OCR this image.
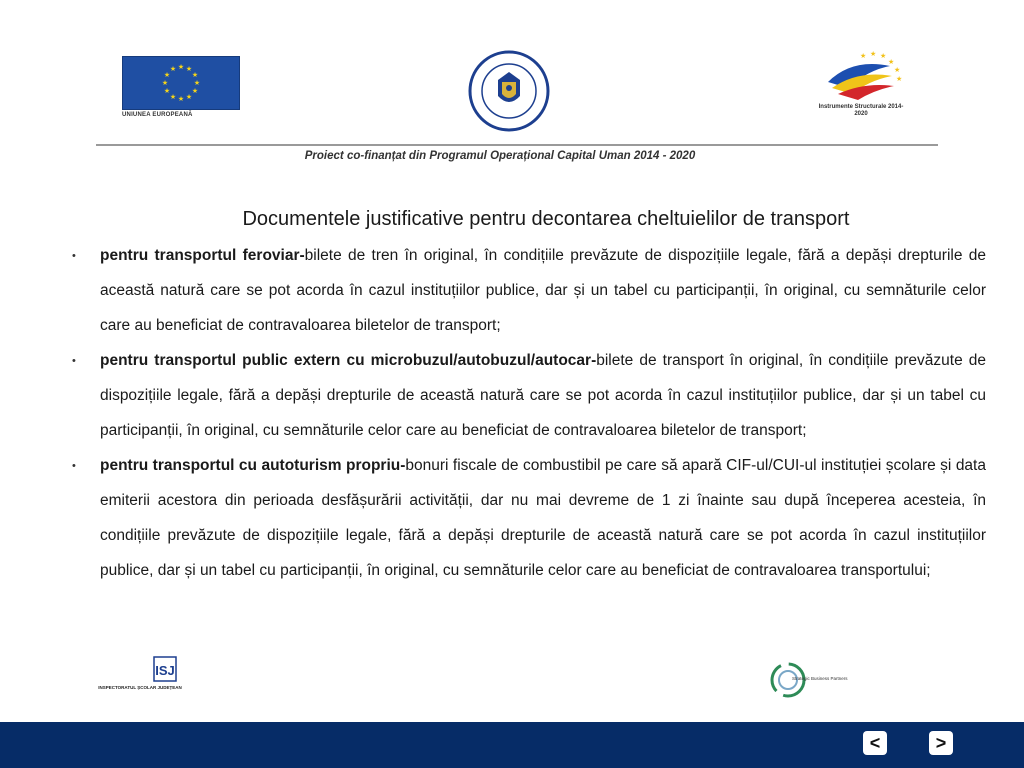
★ ★
★
★
★
★
★
★
★
★
★
★
UNIUNEA EUROPEANĂ
★ ★ ★
★
★
★
Instrumente Structurale 2014-2020
Proiect co-finanțat din Programul Operațional Capital Uman 2014 - 2020
Documentele justificative pentru decontarea cheltuielilor de transport
• pentru transportul feroviar-bilete de tren în original, în condițiile prevăzute de dispozițiile legale, fără a depăși drepturile de această natură care se pot acorda în cazul instituțiilor publice, dar și un tabel cu participanții, în original, cu semnăturile celor care au beneficiat de contravaloarea biletelor de transport;
• pentru transportul public extern cu microbuzul/autobuzul/autocar-bilete de transport în original, în condițiile prevăzute de dispozițiile legale, fără a depăși drepturile de această natură care se pot acorda în cazul instituțiilor publice, dar și un tabel cu participanții, în original, cu semnăturile celor care au beneficiat de contravaloarea biletelor de transport;
• pentru transportul cu autoturism propriu-bonuri fiscale de combustibil pe care să apară CIF-ul/CUI-ul instituției școlare și data emiterii acestora din perioada desfășurării activității, dar nu mai devreme de 1 zi înainte sau după începerea acesteia, în condițiile prevăzute de dispozițiile legale, fără a depăși drepturile de această natură care se pot acorda în cazul instituțiilor publice, dar și un tabel cu participanții, în original, cu semnăturile celor care au beneficiat de contravaloarea transportului;
ISJ
INSPECTORATUL ȘCOLAR JUDEȚEAN
Strategic Business Partners
<	>
